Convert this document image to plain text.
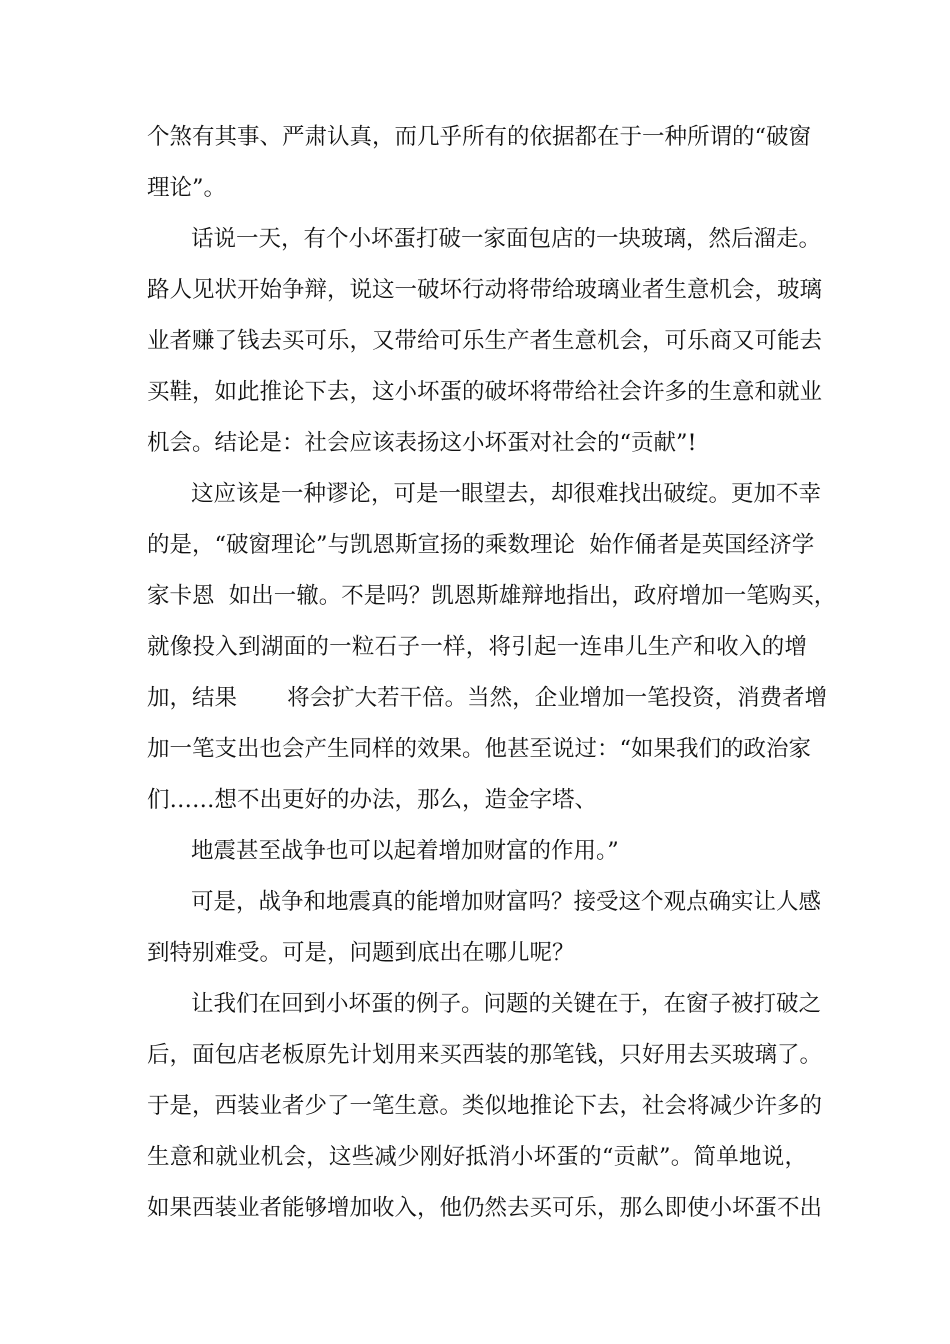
个煞有其事、严肃认真，而几乎所有的依据都在于一种所谓的“破窗
理论”。
话说一天，有个小坏蛋打破一家面包店的一块玻璃，然后溜走。
路人见状开始争辩，说这一破坏行动将带给玻璃业者生意机会，玻璃
业者赚了钱去买可乐，又带给可乐生产者生意机会，可乐商又可能去
买鞋，如此推论下去，这小坏蛋的破坏将带给社会许多的生意和就业
机会。结论是：社会应该表扬这小坏蛋对社会的“贡献”!
这应该是一种谬论，可是一眼望去，却很难找出破绽。更加不幸
的是，“破窗理论”与凯恩斯宣扬的乘数理论  始作俑者是英国经济学
家卡恩  如出一辙。不是吗？凯恩斯雄辩地指出，政府增加一笔购买，
就像投入到湖面的一粒石子一样，将引起一连串儿生产和收入的增
加，结果       将会扩大若干倍。当然，企业增加一笔投资，消费者增
加一笔支出也会产生同样的效果。他甚至说过：“如果我们的政治家
们……想不出更好的办法，那么，造金字塔、
地震甚至战争也可以起着增加财富的作用。”
可是，战争和地震真的能增加财富吗？接受这个观点确实让人感
到特别难受。可是，问题到底出在哪儿呢？
让我们在回到小坏蛋的例子。问题的关键在于，在窗子被打破之
后，面包店老板原先计划用来买西装的那笔钱，只好用去买玻璃了。
于是，西装业者少了一笔生意。类似地推论下去，社会将减少许多的
生意和就业机会，这些减少刚好抵消小坏蛋的“贡献”。简单地说，
如果西装业者能够增加收入，他仍然去买可乐，那么即使小坏蛋不出
